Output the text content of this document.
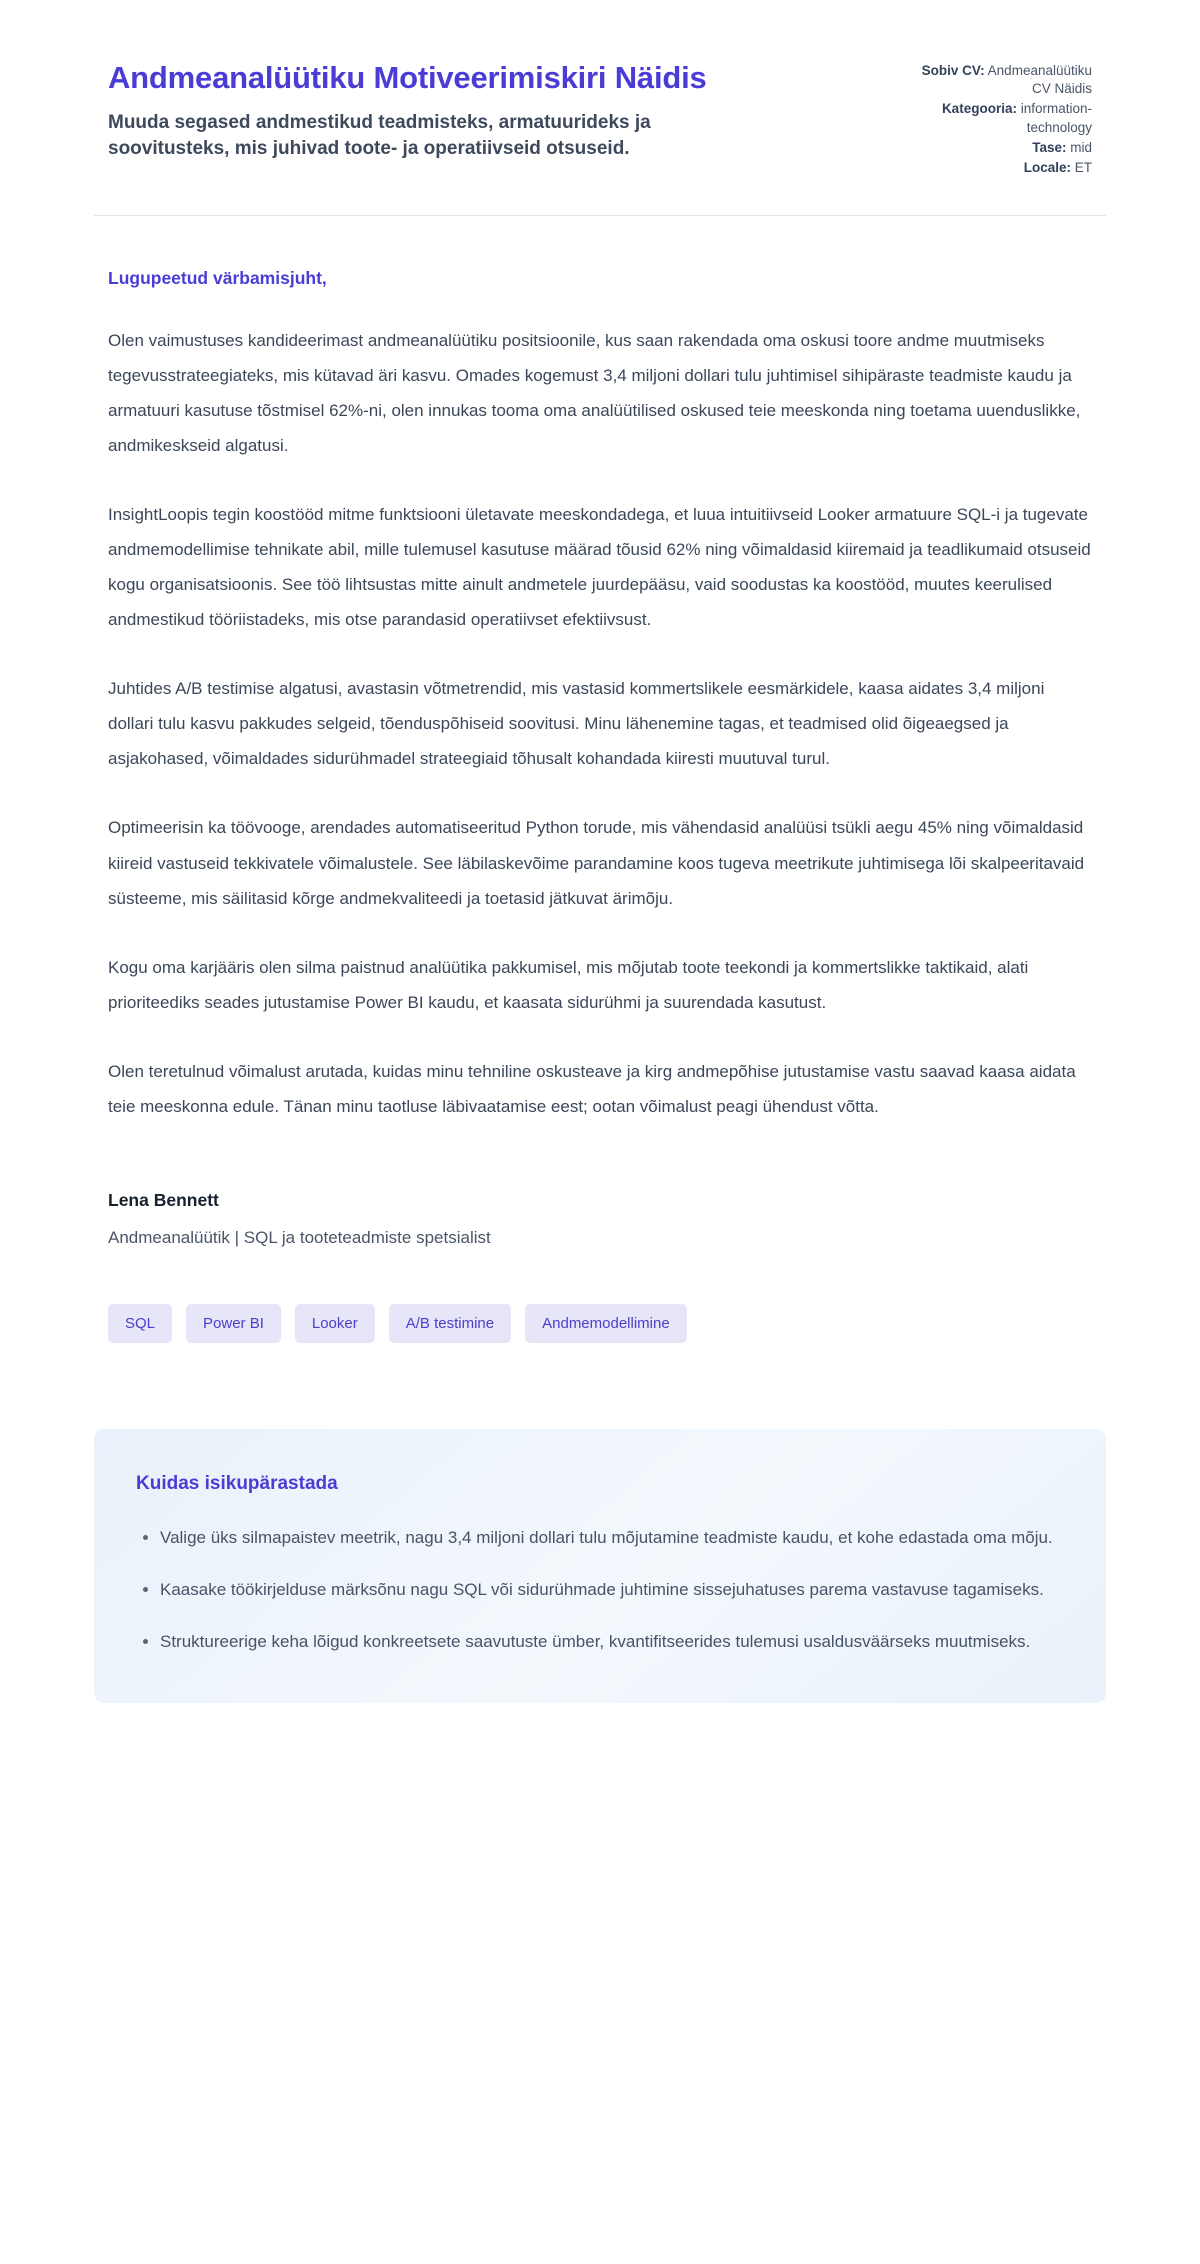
Andmeanalüütiku Motiveerimiskiri Näidis

Muuda segased andmestikud teadmisteks, armatuurideks ja soovitusteks, mis juhivad toote- ja operatiivseid otsuseid.

Sobiv CV: Andmeanalüütiku CV Näidis
Kategooria: information-technology
Tase: mid
Locale: ET
Lugupeetud värbamisjuht,

Olen vaimustuses kandideerimast andmeanalüütiku positsioonile, kus saan rakendada oma oskusi toore andme muutmiseks tegevusstrateegiateks, mis kütavad äri kasvu. Omades kogemust 3,4 miljoni dollari tulu juhtimisel sihipäraste teadmiste kaudu ja armatuuri kasutuse tõstmisel 62%-ni, olen innukas tooma oma analüütilised oskused teie meeskonda ning toetama uuenduslikke, andmikeskseid algatusi.

InsightLoopis tegin koostööd mitme funktsiooni ületavate meeskondadega, et luua intuitiivseid Looker armatuure SQL-i ja tugevate andmemodellimise tehnikate abil, mille tulemusel kasutuse määrad tõusid 62% ning võimaldasid kiiremaid ja teadlikumaid otsuseid kogu organisatsioonis. See töö lihtsustas mitte ainult andmetele juurdepääsu, vaid soodustas ka koostööd, muutes keerulised andmestikud tööriistadeks, mis otse parandasid operatiivset efektiivsust.

Juhtides A/B testimise algatusi, avastasin võtmetrendid, mis vastasid kommertslikele eesmärkidele, kaasa aidates 3,4 miljoni dollari tulu kasvu pakkudes selgeid, tõenduspõhiseid soovitusi. Minu lähenemine tagas, et teadmised olid õigeaegsed ja asjakohased, võimaldades sidurühmadel strateegiaid tõhusalt kohandada kiiresti muutuval turul.

Optimeerisin ka töövooge, arendades automatiseeritud Python torude, mis vähendasid analüüsi tsükli aegu 45% ning võimaldasid kiireid vastuseid tekkivatele võimalustele. See läbilaskevõime parandamine koos tugeva meetrikute juhtimisega lõi skalpeeritavaid süsteeme, mis säilitasid kõrge andmekvaliteedi ja toetasid jätkuvat ärimõju.

Kogu oma karjääris olen silma paistnud analüütika pakkumisel, mis mõjutab toote teekondi ja kommertslikke taktikaid, alati prioriteediks seades jutustamise Power BI kaudu, et kaasata sidurühmi ja suurendada kasutust.

Olen teretulnud võimalust arutada, kuidas minu tehniline oskusteave ja kirg andmepõhise jutustamise vastu saavad kaasa aidata teie meeskonna edule. Tänan minu taotluse läbivaatamise eest; ootan võimalust peagi ühendust võtta.

Lena Bennett
Andmeanalüütik | SQL ja tooteteadmiste spetsialist
SQL	Power BI	Looker	A/B testimine	Andmemodellimine
Kuidas isikupärastada
• Valige üks silmapaistev meetrik, nagu 3,4 miljoni dollari tulu mõjutamine teadmiste kaudu, et kohe edastada oma mõju.
• Kaasake töökirjelduse märksõnu nagu SQL või sidurühmade juhtimine sissejuhatuses parema vastavuse tagamiseks.
• Struktureerige keha lõigud konkreetsete saavutuste ümber, kvantifitseerides tulemusi usaldusväärseks muutmiseks.
